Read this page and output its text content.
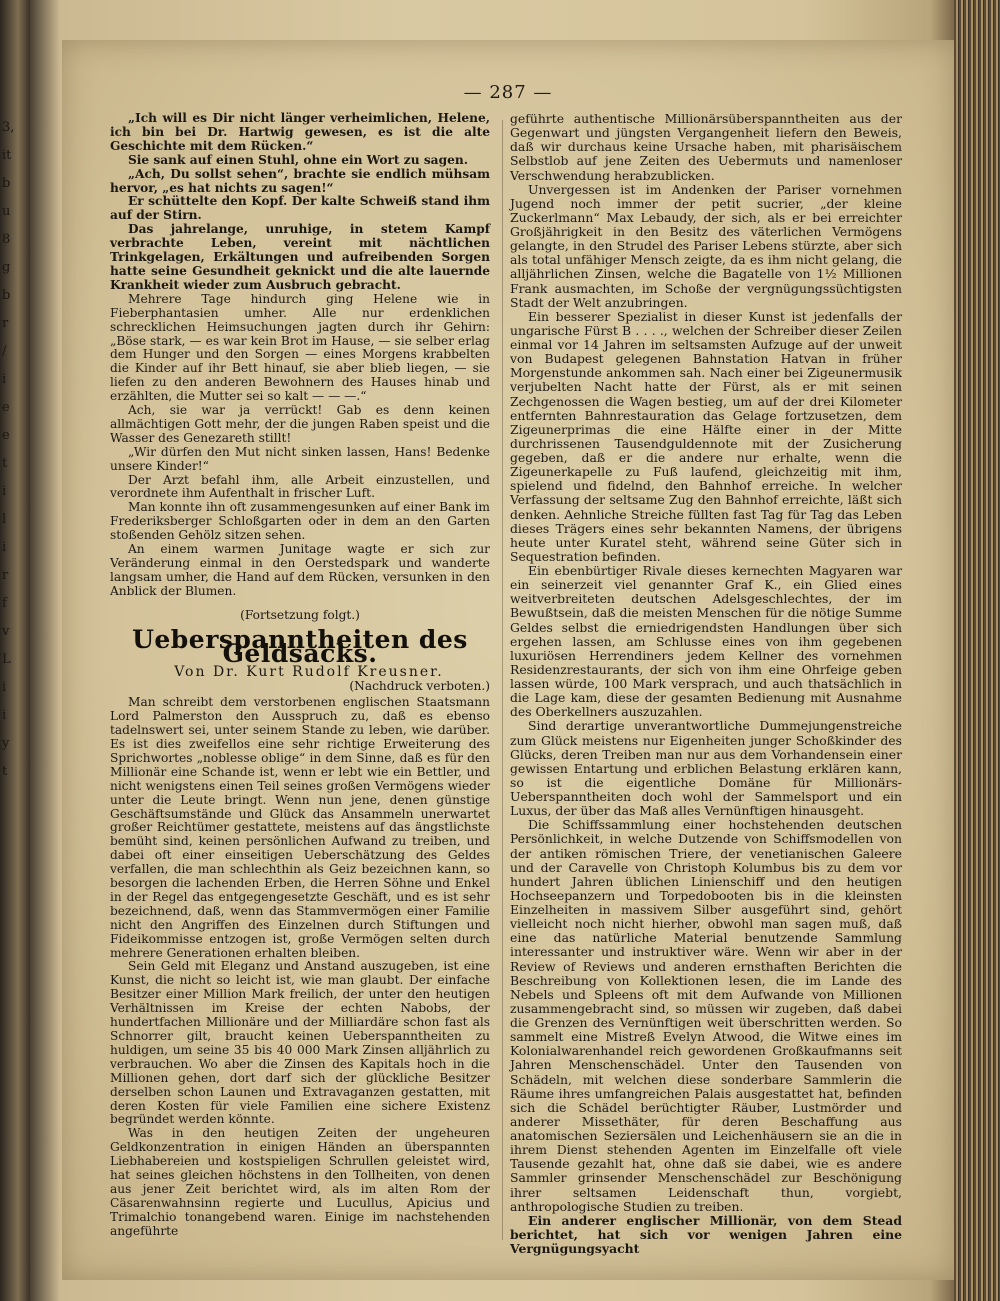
3,
it
b
u
8
g
b
r
/
i
e
e
t
i
l
i
r
f
v
L
i
i
y
t
— 287 —

„Ich will es Dir nicht länger verheimlichen, Helene, ich bin bei Dr. Hartwig gewesen, es ist die alte Geschichte mit dem Rücken.“

Sie sank auf einen Stuhl, ohne ein Wort zu sagen.

„Ach, Du sollst sehen“, brachte sie endlich mühsam hervor, „es hat nichts zu sagen!“

Er schüttelte den Kopf. Der kalte Schweiß stand ihm auf der Stirn.

Das jahrelange, unruhige, in stetem Kampf verbrachte Leben, vereint mit nächtlichen Trinkgelagen, Erkältungen und aufreibenden Sorgen hatte seine Gesundheit geknickt und die alte lauernde Krankheit wieder zum Ausbruch gebracht.

Mehrere Tage hindurch ging Helene wie in Fieberphantasien umher. Alle nur erdenklichen schrecklichen Heimsuchungen jagten durch ihr Gehirn: „Böse stark, — es war kein Brot im Hause, — sie selber erlag dem Hunger und den Sorgen — eines Morgens krabbelten die Kinder auf ihr Bett hinauf, sie aber blieb liegen, — sie liefen zu den anderen Bewohnern des Hauses hinab und erzählten, die Mutter sei so kalt — — —.“

Ach, sie war ja verrückt! Gab es denn keinen allmächtigen Gott mehr, der die jungen Raben speist und die Wasser des Genezareth stillt!

„Wir dürfen den Mut nicht sinken lassen, Hans! Bedenke unsere Kinder!“

Der Arzt befahl ihm, alle Arbeit einzustellen, und verordnete ihm Aufenthalt in frischer Luft.

Man konnte ihn oft zusammengesunken auf einer Bank im Frederiksberger Schloßgarten oder in dem an den Garten stoßenden Gehölz sitzen sehen.

An einem warmen Junitage wagte er sich zur Veränderung einmal in den Oerstedspark und wanderte langsam umher, die Hand auf dem Rücken, versunken in den Anblick der Blumen.

(Fortsetzung folgt.)

Ueberspanntheiten des Geldsacks.

Von Dr. Kurt Rudolf Kreusner.

(Nachdruck verboten.)

Man schreibt dem verstorbenen englischen Staatsmann Lord Palmerston den Ausspruch zu, daß es ebenso tadelnswert sei, unter seinem Stande zu leben, wie darüber. Es ist dies zweifellos eine sehr richtige Erweiterung des Sprichwortes „noblesse oblige“ in dem Sinne, daß es für den Millionär eine Schande ist, wenn er lebt wie ein Bettler, und nicht wenigstens einen Teil seines großen Vermögens wieder unter die Leute bringt. Wenn nun jene, denen günstige Geschäftsumstände und Glück das Ansammeln unerwartet großer Reichtümer gestattete, meistens auf das ängstlichste bemüht sind, keinen persönlichen Aufwand zu treiben, und dabei oft einer einseitigen Ueberschätzung des Geldes verfallen, die man schlechthin als Geiz bezeichnen kann, so besorgen die lachenden Erben, die Herren Söhne und Enkel in der Regel das entgegengesetzte Geschäft, und es ist sehr bezeichnend, daß, wenn das Stammvermögen einer Familie nicht den Angriffen des Einzelnen durch Stiftungen und Fideikommisse entzogen ist, große Vermögen selten durch mehrere Generationen erhalten bleiben.

Sein Geld mit Eleganz und Anstand auszugeben, ist eine Kunst, die nicht so leicht ist, wie man glaubt. Der einfache Besitzer einer Million Mark freilich, der unter den heutigen Verhältnissen im Kreise der echten Nabobs, der hundertfachen Millionäre und der Milliardäre schon fast als Schnorrer gilt, braucht keinen Ueberspanntheiten zu huldigen, um seine 35 bis 40 000 Mark Zinsen alljährlich zu verbrauchen. Wo aber die Zinsen des Kapitals hoch in die Millionen gehen, dort darf sich der glückliche Besitzer derselben schon Launen und Extravaganzen gestatten, mit deren Kosten für viele Familien eine sichere Existenz begründet werden könnte.

Was in den heutigen Zeiten der ungeheuren Geldkonzentration in einigen Händen an überspannten Liebhabereien und kostspieligen Schrullen geleistet wird, hat seines gleichen höchstens in den Tollheiten, von denen aus jener Zeit berichtet wird, als im alten Rom der Cäsarenwahnsinn regierte und Lucullus, Apicius und Trimalchio tonangebend waren. Einige im nachstehenden angeführte

geführte authentische Millionärsüberspanntheiten aus der Gegenwart und jüngsten Vergangenheit liefern den Beweis, daß wir durchaus keine Ursache haben, mit pharisäischem Selbstlob auf jene Zeiten des Uebermuts und namenloser Verschwendung herabzublicken.

Unvergessen ist im Andenken der Pariser vornehmen Jugend noch immer der petit sucrier, „der kleine Zuckerlmann“ Max Lebaudy, der sich, als er bei erreichter Großjährigkeit in den Besitz des väterlichen Vermögens gelangte, in den Strudel des Pariser Lebens stürzte, aber sich als total unfähiger Mensch zeigte, da es ihm nicht gelang, die alljährlichen Zinsen, welche die Bagatelle von 1½ Millionen Frank ausmachten, im Schoße der vergnügungssüchtigsten Stadt der Welt anzubringen.

Ein besserer Spezialist in dieser Kunst ist jedenfalls der ungarische Fürst B . . . ., welchen der Schreiber dieser Zeilen einmal vor 14 Jahren im seltsamsten Aufzuge auf der unweit von Budapest gelegenen Bahnstation Hatvan in früher Morgenstunde ankommen sah. Nach einer bei Zigeunermusik verjubelten Nacht hatte der Fürst, als er mit seinen Zechgenossen die Wagen bestieg, um auf der drei Kilometer entfernten Bahnrestauration das Gelage fortzusetzen, dem Zigeunerprimas die eine Hälfte einer in der Mitte durchrissenen Tausendguldennote mit der Zusicherung gegeben, daß er die andere nur erhalte, wenn die Zigeunerkapelle zu Fuß laufend, gleichzeitig mit ihm, spielend und fidelnd, den Bahnhof erreiche. In welcher Verfassung der seltsame Zug den Bahnhof erreichte, läßt sich denken. Aehnliche Streiche füllten fast Tag für Tag das Leben dieses Trägers eines sehr bekannten Namens, der übrigens heute unter Kuratel steht, während seine Güter sich in Sequestration befinden.

Ein ebenbürtiger Rivale dieses kernechten Magyaren war ein seinerzeit viel genannter Graf K., ein Glied eines weitverbreiteten deutschen Adelsgeschlechtes, der im Bewußtsein, daß die meisten Menschen für die nötige Summe Geldes selbst die erniedrigendsten Handlungen über sich ergehen lassen, am Schlusse eines von ihm gegebenen luxuriösen Herrendiners jedem Kellner des vornehmen Residenzrestaurants, der sich von ihm eine Ohrfeige geben lassen würde, 100 Mark versprach, und auch thatsächlich in die Lage kam, diese der gesamten Bedienung mit Ausnahme des Oberkellners auszuzahlen.

Sind derartige unverantwortliche Dummejungenstreiche zum Glück meistens nur Eigenheiten junger Schoßkinder des Glücks, deren Treiben man nur aus dem Vorhandensein einer gewissen Entartung und erblichen Belastung erklären kann, so ist die eigentliche Domäne für Millionärs-Ueberspanntheiten doch wohl der Sammelsport und ein Luxus, der über das Maß alles Vernünftigen hinausgeht.

Die Schiffssammlung einer hochstehenden deutschen Persönlichkeit, in welche Dutzende von Schiffsmodellen von der antiken römischen Triere, der venetianischen Galeere und der Caravelle von Christoph Kolumbus bis zu dem vor hundert Jahren üblichen Linienschiff und den heutigen Hochseepanzern und Torpedobooten bis in die kleinsten Einzelheiten in massivem Silber ausgeführt sind, gehört vielleicht noch nicht hierher, obwohl man sagen muß, daß eine das natürliche Material benutzende Sammlung interessanter und instruktiver wäre. Wenn wir aber in der Review of Reviews und anderen ernsthaften Berichten die Beschreibung von Kollektionen lesen, die im Lande des Nebels und Spleens oft mit dem Aufwande von Millionen zusammengebracht sind, so müssen wir zugeben, daß dabei die Grenzen des Vernünftigen weit überschritten werden. So sammelt eine Mistreß Evelyn Atwood, die Witwe eines im Kolonialwarenhandel reich gewordenen Großkaufmanns seit Jahren Menschenschädel. Unter den Tausenden von Schädeln, mit welchen diese sonderbare Sammlerin die Räume ihres umfangreichen Palais ausgestattet hat, befinden sich die Schädel berüchtigter Räuber, Lustmörder und anderer Missethäter, für deren Beschaffung aus anatomischen Seziersälen und Leichenhäusern sie an die in ihrem Dienst stehenden Agenten im Einzelfalle oft viele Tausende gezahlt hat, ohne daß sie dabei, wie es andere Sammler grinsender Menschenschädel zur Beschönigung ihrer seltsamen Leidenschaft thun, vorgiebt, anthropologische Studien zu treiben.

Ein anderer englischer Millionär, von dem Stead berichtet, hat sich vor wenigen Jahren eine Vergnügungsyacht
